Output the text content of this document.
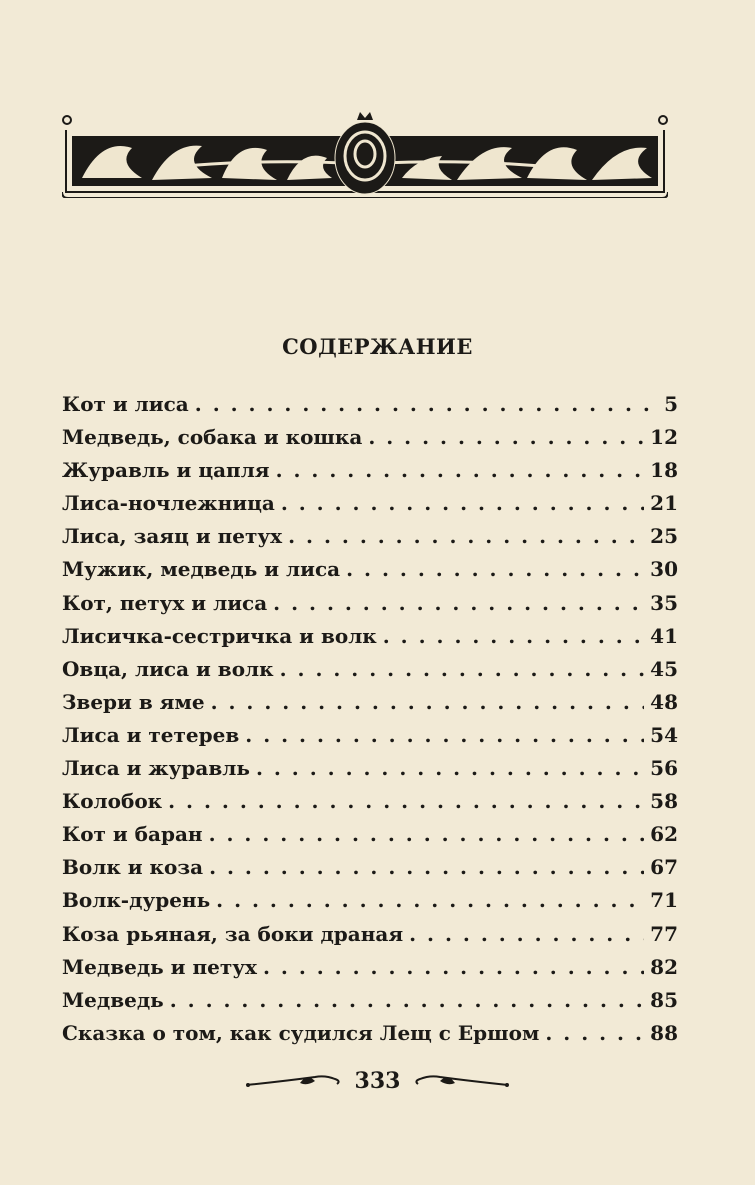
СОДЕРЖАНИЕ
Кот и лиса . . .	5
Медведь, собака и кошка . . .	12
Журавль и цапля . . .	18
Лиса-ночлежница . . .	21
Лиса, заяц и петух . . .	25
Мужик, медведь и лиса . . .	30
Кот, петух и лиса . . .	35
Лисичка-сестричка и волк . . .	41
Овца, лиса и волк . . .	45
Звери в яме . . .	48
Лиса и тетерев . . .	54
Лиса и журавль . . .	56
Колобок . . .	58
Кот и баран . . .	62
Волк и коза . . .	67
Волк-дурень . . .	71
Коза рьяная, за боки драная . . .	77
Медведь и петух . . .	82
Медведь . . .	85
Сказка о том, как судился Лещ с Ершом . . .	88
333
